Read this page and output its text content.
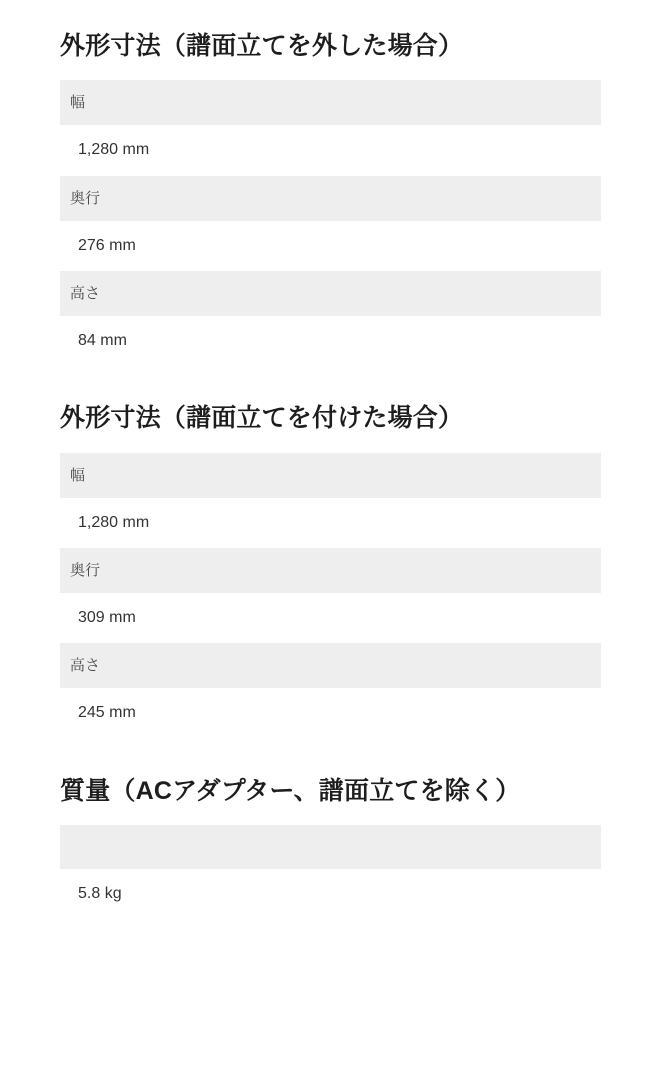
外形寸法（譜面立てを外した場合）
幅
1,280 mm
奥行
276 mm
高さ
84 mm
外形寸法（譜面立てを付けた場合）
幅
1,280 mm
奥行
309 mm
高さ
245 mm
質量（ACアダプター、譜面立てを除く）
5.8 kg
